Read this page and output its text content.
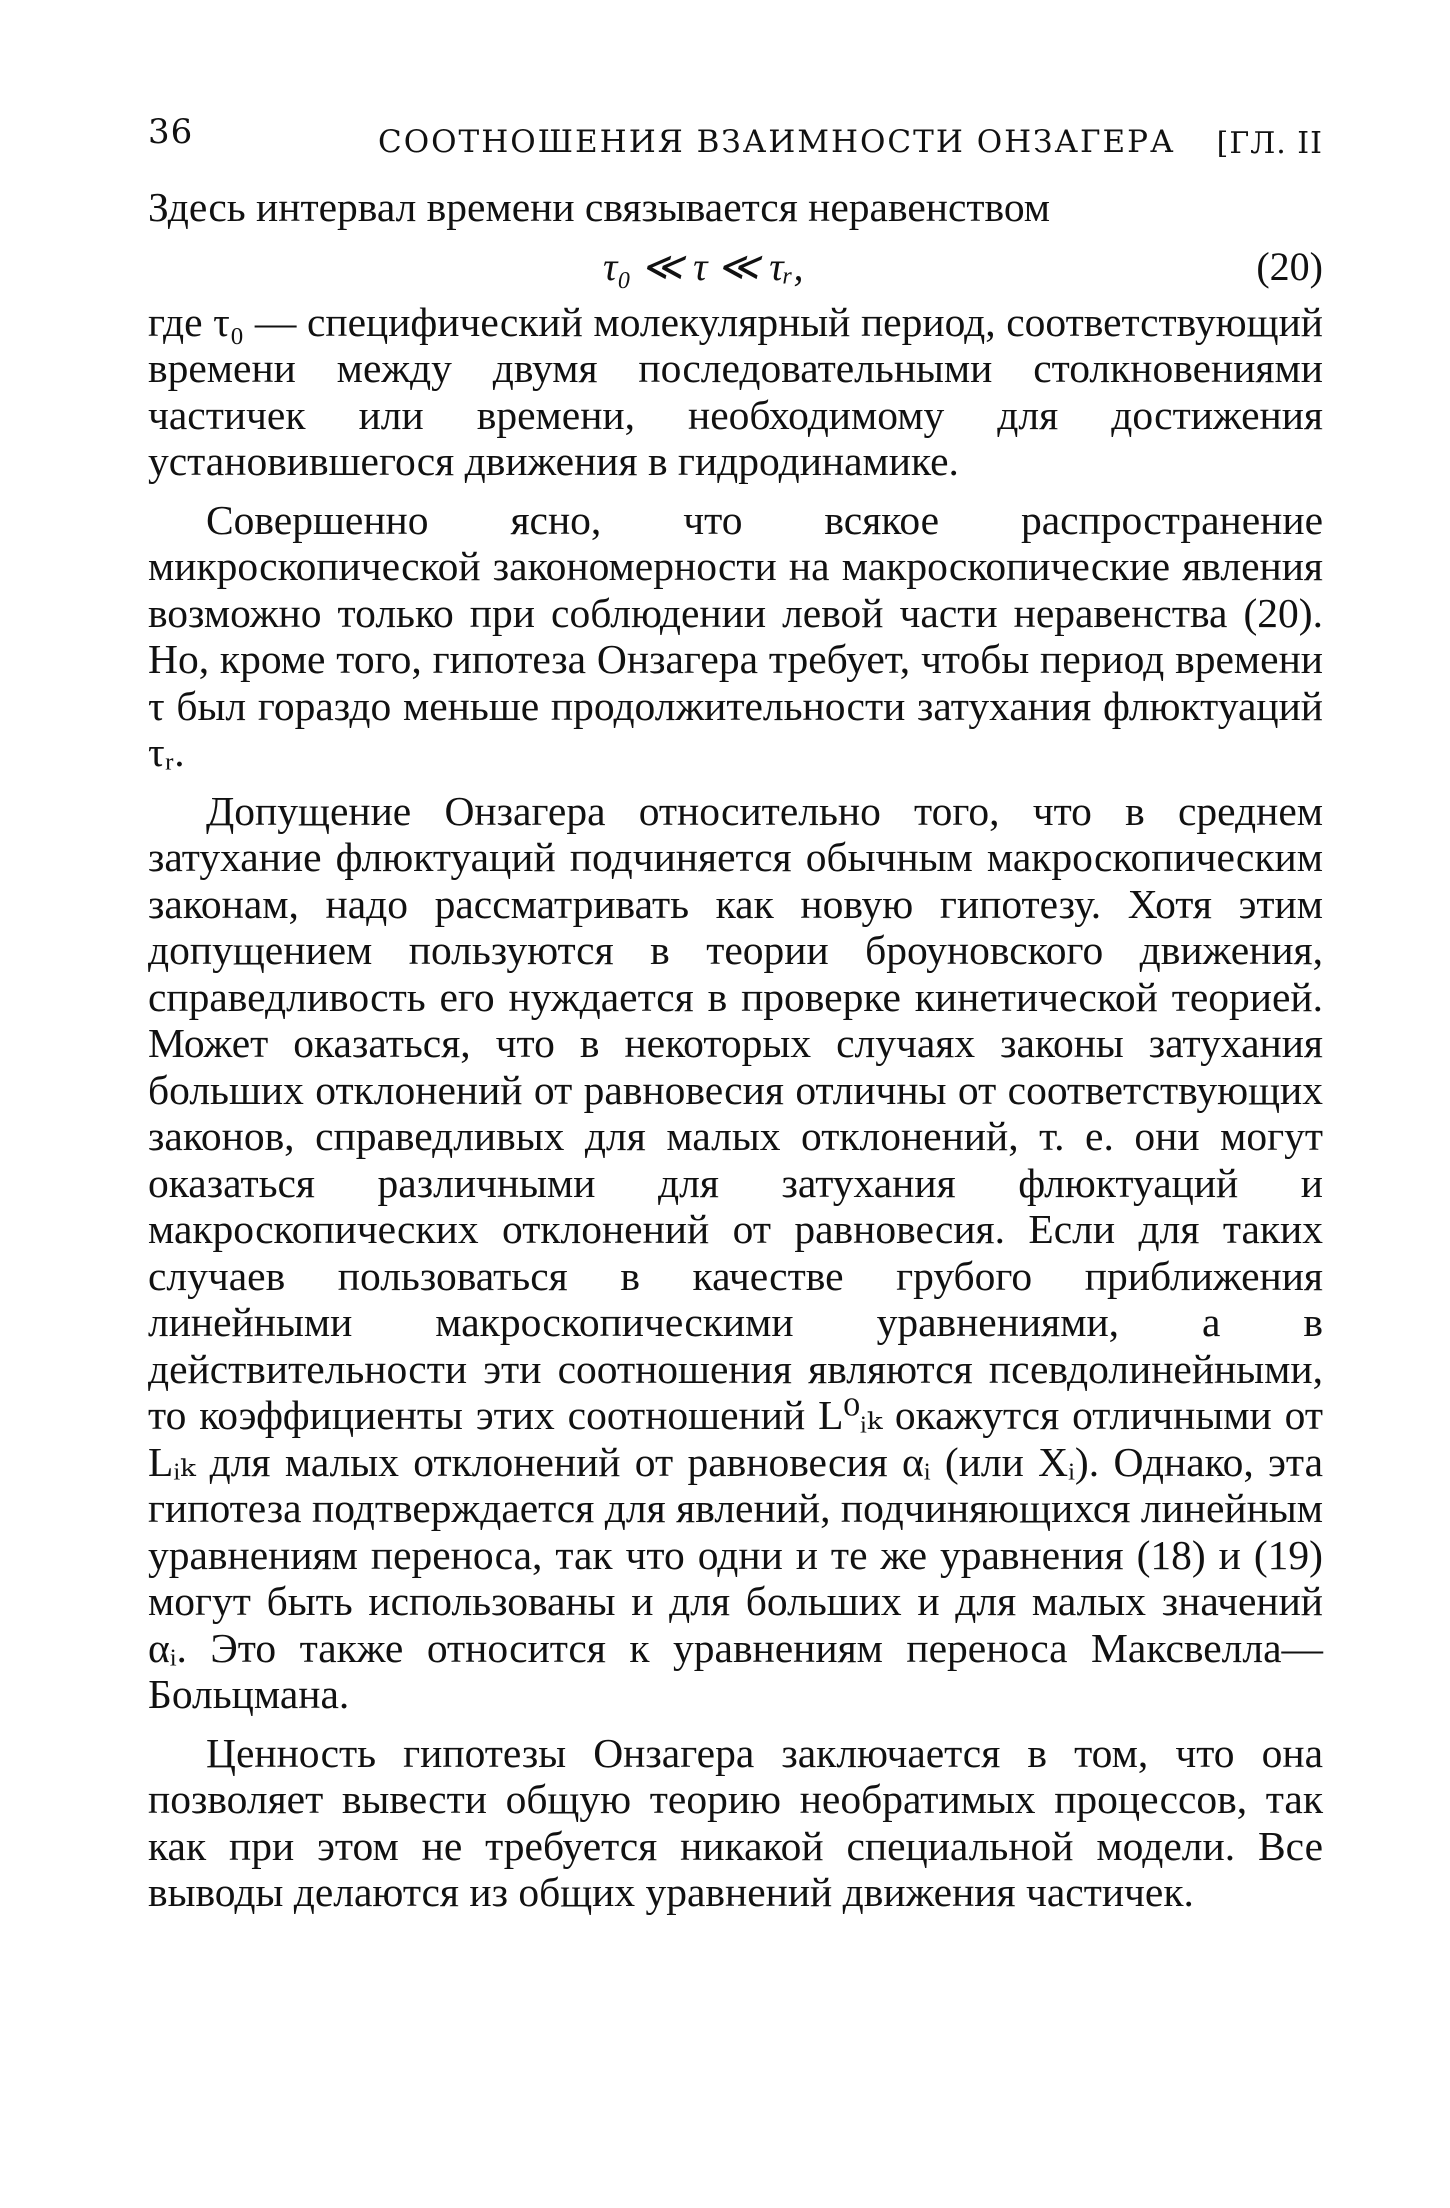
36	СООТНОШЕНИЯ ВЗАИМНОСТИ ОНЗАГЕРА [ГЛ. II

Здесь интервал времени связывается неравенством

τ₀ ≪ τ ≪ τᵣ,	(20)

где τ₀ — специфический молекулярный период, соответствующий времени между двумя последовательными столкновениями частичек или времени, необходимому для достижения установившегося движения в гидродинамике.

Совершенно ясно, что всякое распространение микроскопической закономерности на макроскопические явления возможно только при соблюдении левой части неравенства (20). Но, кроме того, гипотеза Онзагера требует, чтобы период времени τ был гораздо меньше продолжительности затухания флюктуаций τᵣ.

Допущение Онзагера относительно того, что в среднем затухание флюктуаций подчиняется обычным макроскопическим законам, надо рассматривать как новую гипотезу. Хотя этим допущением пользуются в теории броуновского движения, справедливость его нуждается в проверке кинетической теорией. Может оказаться, что в некоторых случаях законы затухания больших отклонений от равновесия отличны от соответствующих законов, справедливых для малых отклонений, т. е. они могут оказаться различными для затухания флюктуаций и макроскопических отклонений от равновесия. Если для таких случаев пользоваться в качестве грубого приближения линейными макроскопическими уравнениями, а в действительности эти соотношения являются псевдолинейными, то коэффициенты этих соотношений L⁰ᵢₖ окажутся отличными от Lᵢₖ для малых отклонений от равновесия αᵢ (или Xᵢ). Однако, эта гипотеза подтверждается для явлений, подчиняющихся линейным уравнениям переноса, так что одни и те же уравнения (18) и (19) могут быть использованы и для больших и для малых значений αᵢ. Это также относится к уравнениям переноса Максвелла—Больцмана.

Ценность гипотезы Онзагера заключается в том, что она позволяет вывести общую теорию необратимых процессов, так как при этом не требуется никакой специальной модели. Все выводы делаются из общих уравнений движения частичек.
